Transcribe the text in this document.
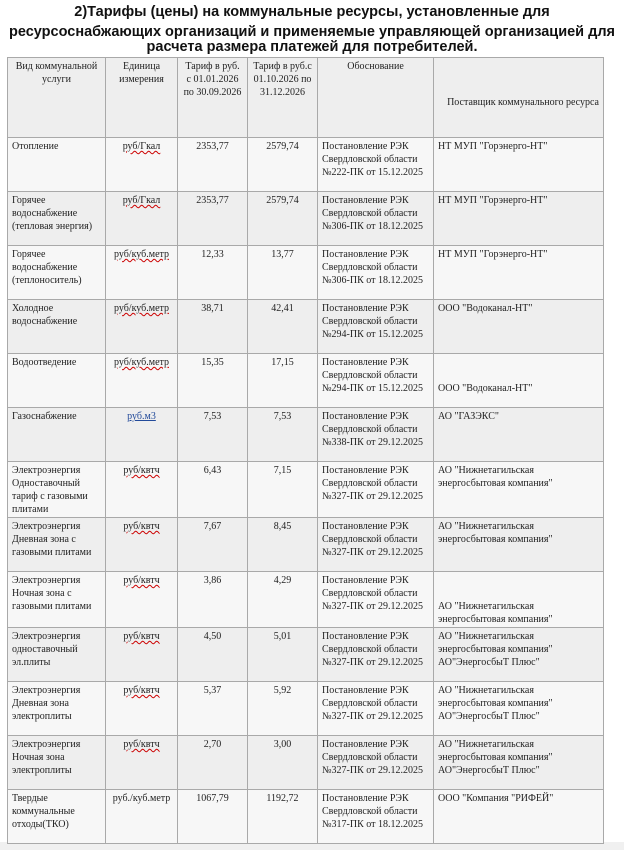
2)Тарифы (цены) на коммунальные ресурсы, установленные для
ресурсоснабжающих организаций и применяемые управляющей организацией для расчета размера платежей для потребителей.
Вид коммунальной услуги	Единица измерения	Тариф в руб. с 01.01.2026 по 30.09.2026	Тариф в руб.с 01.10.2026 по 31.12.2026	Обоснование	Поставщик коммунального ресурса
Отопление	руб/Гкал	2353,77	2579,74	Постановление РЭК Свердловской области №222-ПК от 15.12.2025	НТ МУП "Горэнерго-НТ"
Горячее водоснабжение (тепловая энергия)	руб/Гкал	2353,77	2579,74	Постановление РЭК Свердловской области №306-ПК от 18.12.2025	НТ МУП "Горэнерго-НТ"
Горячее водоснабжение (теплоноситель)	руб/куб.метр	12,33	13,77	Постановление РЭК Свердловской области №306-ПК от 18.12.2025	НТ МУП "Горэнерго-НТ"
Холодное водоснабжение	руб/куб.метр	38,71	42,41	Постановление РЭК Свердловской области №294-ПК от 15.12.2025	ООО "Водоканал-НТ"
Водоотведение	руб/куб.метр	15,35	17,15	Постановление РЭК Свердловской области №294-ПК от 15.12.2025	ООО "Водоканал-НТ"

Газоснабжение	руб.м3	7,53	7,53	Постановление РЭК Свердловской области №338-ПК от 29.12.2025	АО "ГАЗЭКС"
Электроэнергия Одноставочный тариф с газовыми плитами	руб/квтч	6,43	7,15	Постановление РЭК Свердловской области №327-ПК от 29.12.2025	АО "Нижнетагильская энергосбытовая компания"
Электроэнергия Дневная зона с газовыми плитами	руб/квтч	7,67	8,45	Постановление РЭК Свердловской области №327-ПК от 29.12.2025	АО "Нижнетагильская энергосбытовая компания"
Электроэнергия Ночная зона с газовыми плитами	руб/квтч	3,86	4,29	Постановление РЭК Свердловской области №327-ПК от 29.12.2025	АО "Нижнетагильская энергосбытовая компания"

Электроэнергия одноставочный эл.плиты	руб/квтч	4,50	5,01	Постановление РЭК Свердловской области №327-ПК от 29.12.2025	АО "Нижнетагильская энергосбытовая компания" АО"ЭнергосбыТ Плюс"
Электроэнергия Дневная зона электроплиты	руб/квтч	5,37	5,92	Постановление РЭК Свердловской области №327-ПК от 29.12.2025	АО "Нижнетагильская энергосбытовая компания" АО"ЭнергосбыТ Плюс"
Электроэнергия Ночная зона электроплиты	руб/квтч	2,70	3,00	Постановление РЭК Свердловской области №327-ПК от 29.12.2025	АО "Нижнетагильская энергосбытовая компания" АО"ЭнергосбыТ Плюс"
Твердые коммунальные отходы(ТКО)	руб./куб.метр	1067,79	1192,72	Постановление РЭК Свердловской области №317-ПК от 18.12.2025	ООО "Компания "РИФЕЙ"
